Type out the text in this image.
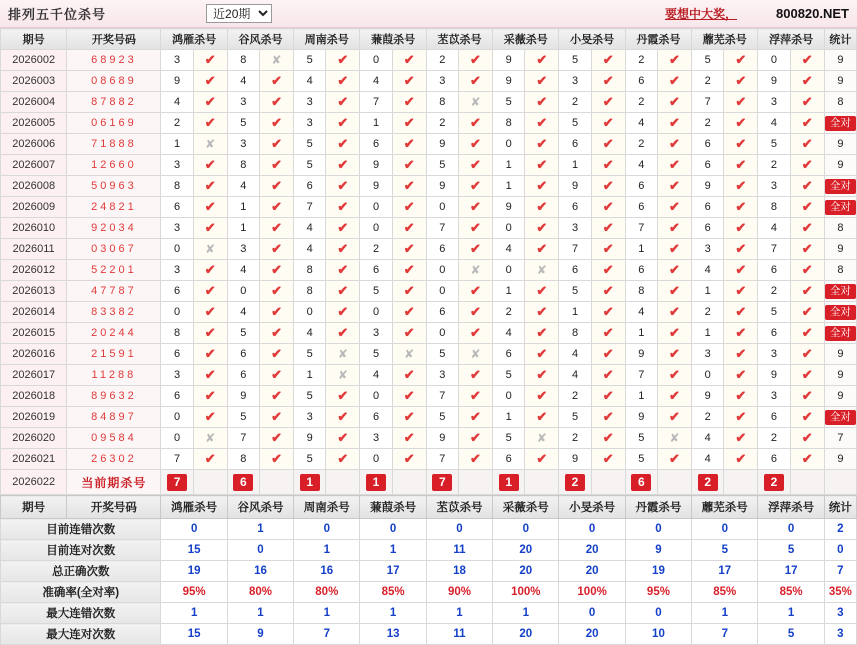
排列五千位杀号
近20期	要想中大奖，	800820.NET
期号	开奖号码	鸿雁杀号		谷风杀号		周南杀号		蒹葭杀号		苤苡杀号		采薇杀号		小旻杀号		丹霞杀号		蘼芜杀号		浮萍杀号		统计
2026002	68923	3	✔	8	✘	5	✔	0	✔	2	✔	9	✔	5	✔	2	✔	5	✔	0	✔	9
2026003	08689	9	✔	4	✔	4	✔	4	✔	3	✔	9	✔	3	✔	6	✔	2	✔	9	✔	9
2026004	87882	4	✔	3	✔	3	✔	7	✔	8	✘	5	✔	2	✔	2	✔	7	✔	3	✔	8
2026005	06169	2	✔	5	✔	3	✔	1	✔	2	✔	8	✔	5	✔	4	✔	2	✔	4	✔	全对
2026006	71888	1	✘	3	✔	5	✔	6	✔	9	✔	0	✔	6	✔	2	✔	6	✔	5	✔	9
2026007	12660	3	✔	8	✔	5	✔	9	✔	5	✔	1	✔	1	✔	4	✔	6	✔	2	✔	9
2026008	50963	8	✔	4	✔	6	✔	9	✔	9	✔	1	✔	9	✔	6	✔	9	✔	3	✔	全对
2026009	24821	6	✔	1	✔	7	✔	0	✔	0	✔	9	✔	6	✔	6	✔	6	✔	8	✔	全对
2026010	92034	3	✔	1	✔	4	✔	0	✔	7	✔	0	✔	3	✔	7	✔	6	✔	4	✔	8
2026011	03067	0	✘	3	✔	4	✔	2	✔	6	✔	4	✔	7	✔	1	✔	3	✔	7	✔	9
2026012	52201	3	✔	4	✔	8	✔	6	✔	0	✘	0	✘	6	✔	6	✔	4	✔	6	✔	8
2026013	47787	6	✔	0	✔	8	✔	5	✔	0	✔	1	✔	5	✔	8	✔	1	✔	2	✔	全对
2026014	83382	0	✔	4	✔	0	✔	0	✔	6	✔	2	✔	1	✔	4	✔	2	✔	5	✔	全对
2026015	20244	8	✔	5	✔	4	✔	3	✔	0	✔	4	✔	8	✔	1	✔	1	✔	6	✔	全对
2026016	21591	6	✔	6	✔	5	✘	5	✘	5	✘	6	✔	4	✔	9	✔	3	✔	3	✔	9
2026017	11288	3	✔	6	✔	1	✘	4	✔	3	✔	5	✔	4	✔	7	✔	0	✔	9	✔	9
2026018	89632	6	✔	9	✔	5	✔	0	✔	7	✔	0	✔	2	✔	1	✔	9	✔	3	✔	9
2026019	84897	0	✔	5	✔	3	✔	6	✔	5	✔	1	✔	5	✔	9	✔	2	✔	6	✔	全对
2026020	09584	0	✘	7	✔	9	✔	3	✔	9	✔	5	✘	2	✔	5	✘	4	✔	2	✔	7
2026021	26302	7	✔	8	✔	5	✔	0	✔	7	✔	6	✔	9	✔	5	✔	4	✔	6	✔	9
2026022	当前期杀号	7		6		1		1		7		1		2		6		2		2		
期号	开奖号码	鸿雁杀号	谷风杀号	周南杀号	蒹葭杀号	苤苡杀号	采薇杀号	小旻杀号	丹霞杀号	蘼芜杀号	浮萍杀号	统计
目前连错次数		0	1	0	0	0	0	0	0	0	0	2
目前连对次数		15	0	1	1	11	20	20	9	5	5	0
总正确次数		19	16	16	17	18	20	20	19	17	17	7
准确率(全对率)		95%	80%	80%	85%	90%	100%	100%	95%	85%	85%	35%
最大连错次数		1	1	1	1	1	1	0	0	1	1	3
最大连对次数		15	9	7	13	11	20	20	10	7	5	3
